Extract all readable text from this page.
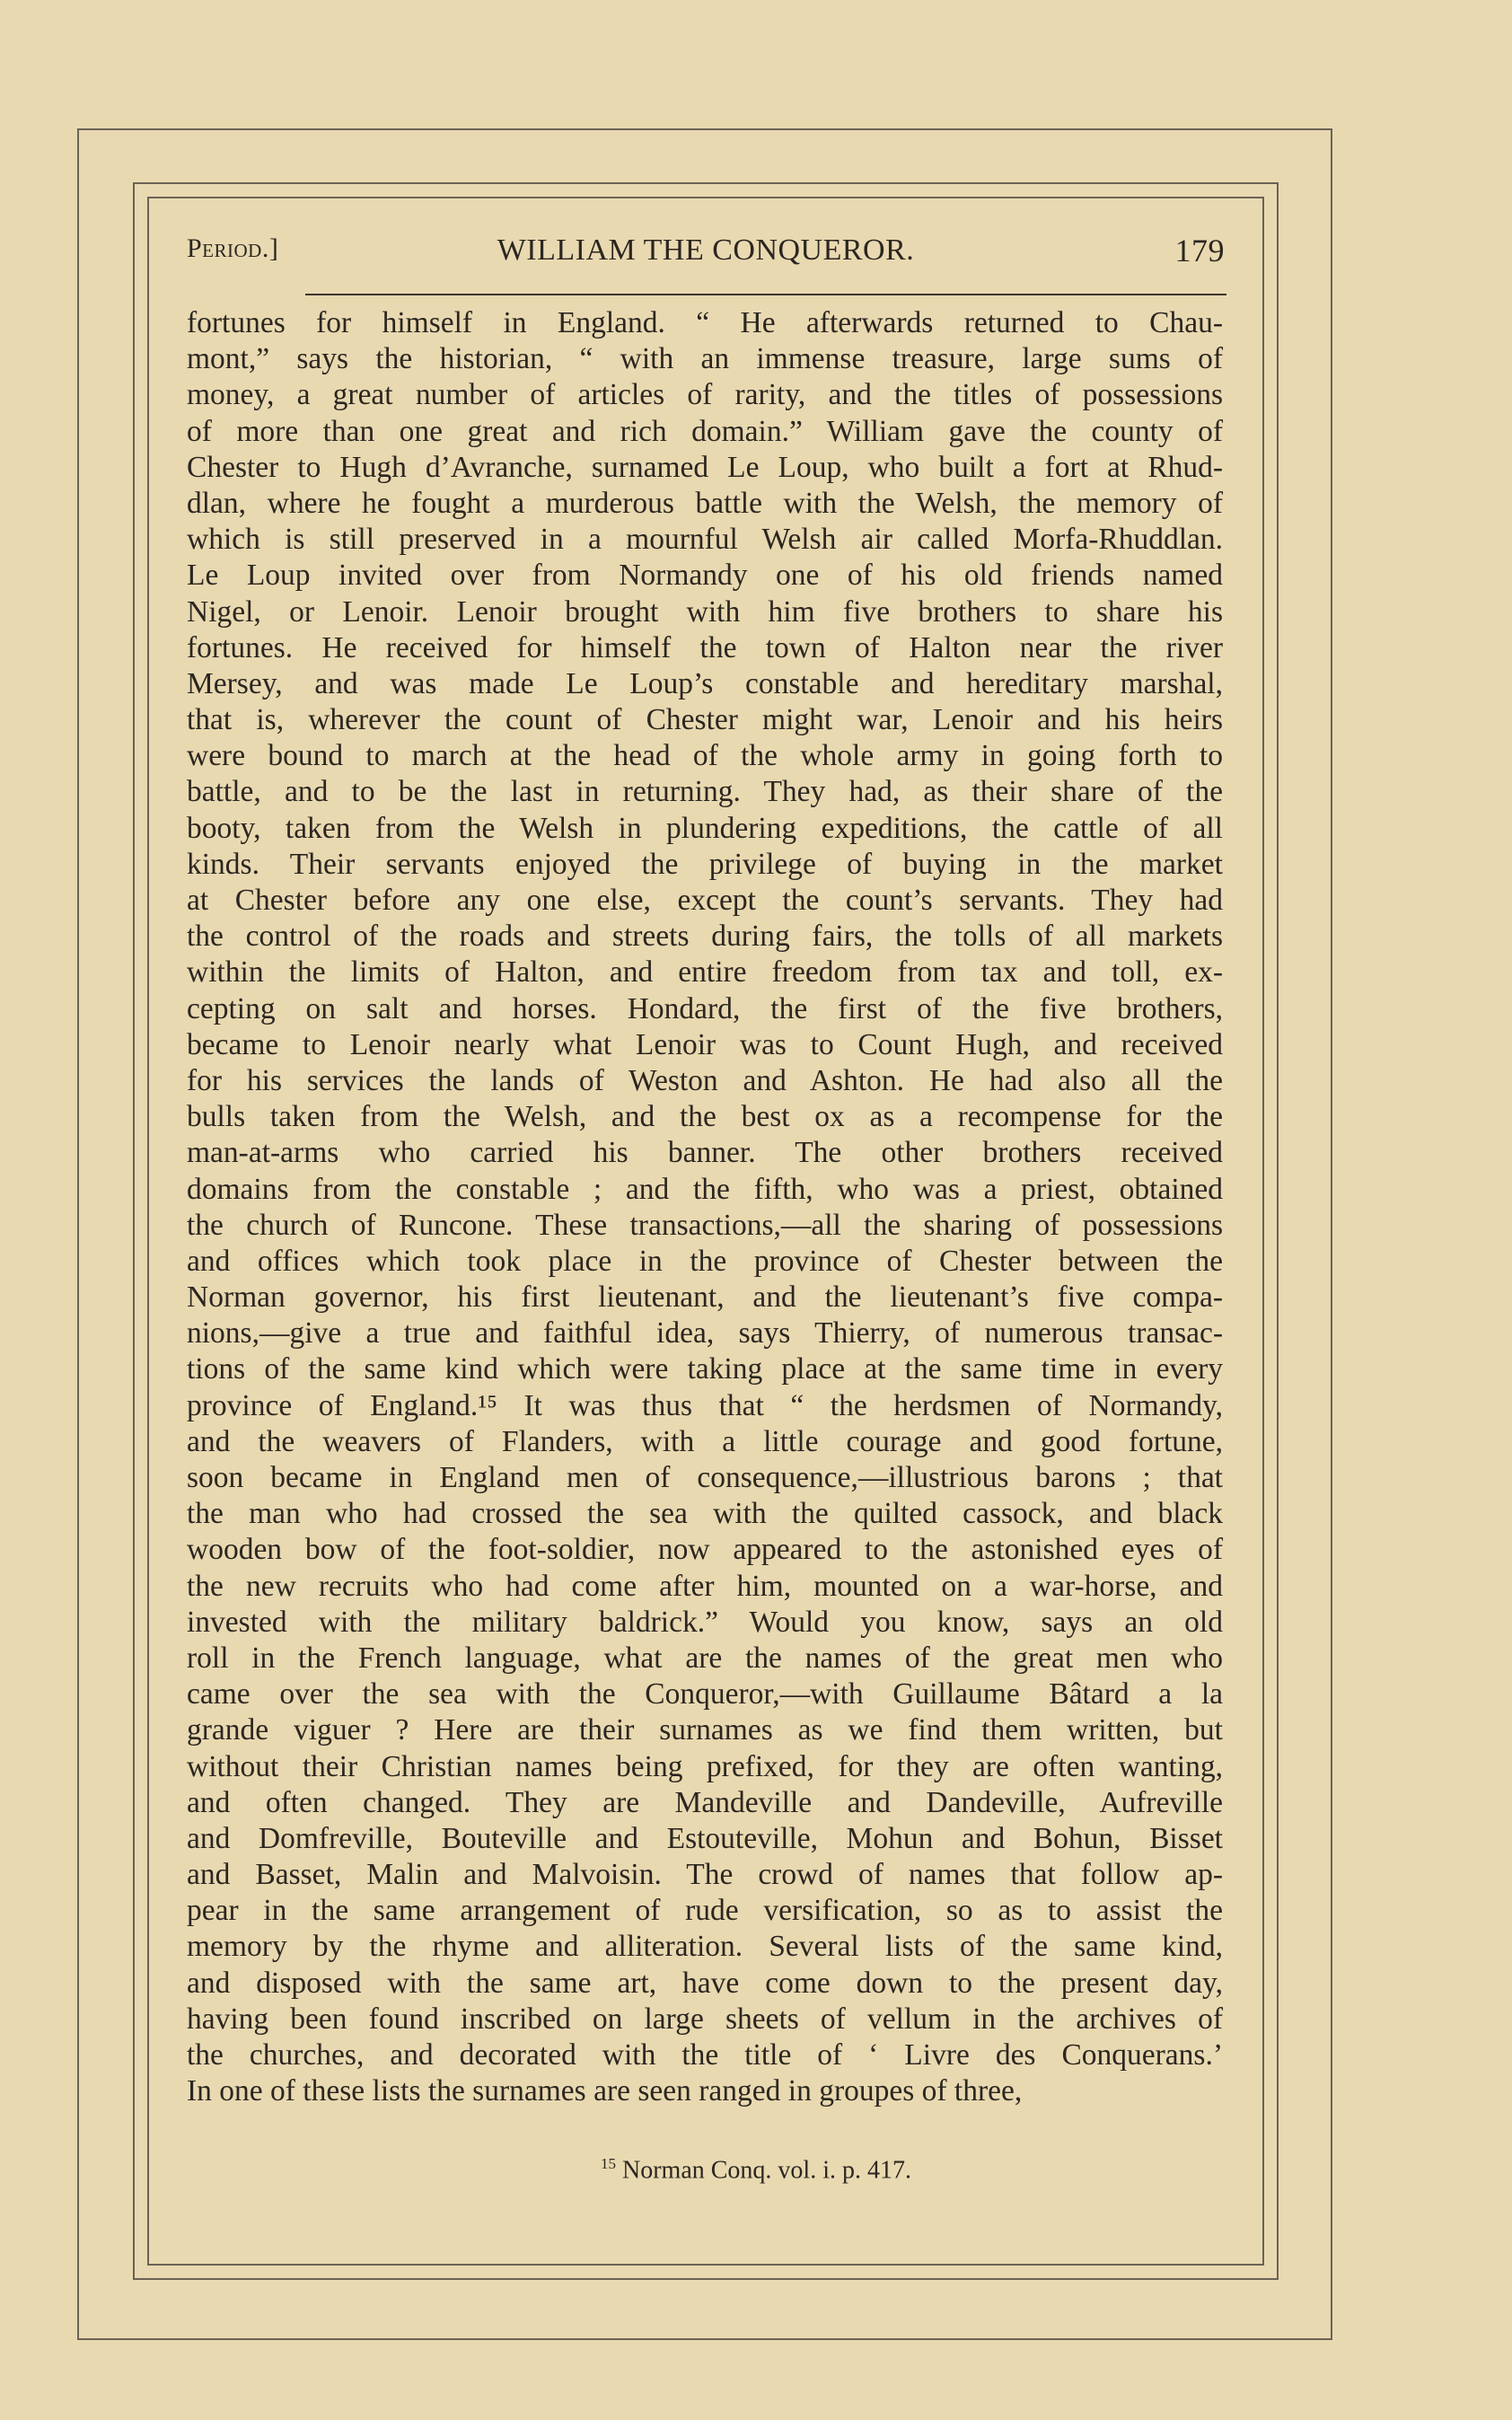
Period.]	WILLIAM THE CONQUEROR.	179
fortunes for himself in England. “ He afterwards returned to Chau-
mont,” says the historian, “ with an immense treasure, large sums of
money, a great number of articles of rarity, and the titles of possessions
of more than one great and rich domain.” William gave the county of
Chester to Hugh d’Avranche, surnamed Le Loup, who built a fort at Rhud-
dlan, where he fought a murderous battle with the Welsh, the memory of
which is still preserved in a mournful Welsh air called Morfa-Rhuddlan.
Le Loup invited over from Normandy one of his old friends named
Nigel, or Lenoir. Lenoir brought with him five brothers to share his
fortunes. He received for himself the town of Halton near the river
Mersey, and was made Le Loup’s constable and hereditary marshal,
that is, wherever the count of Chester might war, Lenoir and his heirs
were bound to march at the head of the whole army in going forth to
battle, and to be the last in returning. They had, as their share of the
booty, taken from the Welsh in plundering expeditions, the cattle of all
kinds. Their servants enjoyed the privilege of buying in the market
at Chester before any one else, except the count’s servants. They had
the control of the roads and streets during fairs, the tolls of all markets
within the limits of Halton, and entire freedom from tax and toll, ex-
cepting on salt and horses. Hondard, the first of the five brothers,
became to Lenoir nearly what Lenoir was to Count Hugh, and received
for his services the lands of Weston and Ashton. He had also all the
bulls taken from the Welsh, and the best ox as a recompense for the
man-at-arms who carried his banner. The other brothers received
domains from the constable ; and the fifth, who was a priest, obtained
the church of Runcone. These transactions,—all the sharing of possessions
and offices which took place in the province of Chester between the
Norman governor, his first lieutenant, and the lieutenant’s five compa-
nions,—give a true and faithful idea, says Thierry, of numerous transac-
tions of the same kind which were taking place at the same time in every
province of England.¹⁵ It was thus that “ the herdsmen of Normandy,
and the weavers of Flanders, with a little courage and good fortune,
soon became in England men of consequence,—illustrious barons ; that
the man who had crossed the sea with the quilted cassock, and black
wooden bow of the foot-soldier, now appeared to the astonished eyes of
the new recruits who had come after him, mounted on a war-horse, and
invested with the military baldrick.” Would you know, says an old
roll in the French language, what are the names of the great men who
came over the sea with the Conqueror,—with Guillaume Bâtard a la
grande viguer ? Here are their surnames as we find them written, but
without their Christian names being prefixed, for they are often wanting,
and often changed. They are Mandeville and Dandeville, Aufreville
and Domfreville, Bouteville and Estouteville, Mohun and Bohun, Bisset
and Basset, Malin and Malvoisin. The crowd of names that follow ap-
pear in the same arrangement of rude versification, so as to assist the
memory by the rhyme and alliteration. Several lists of the same kind,
and disposed with the same art, have come down to the present day,
having been found inscribed on large sheets of vellum in the archives of
the churches, and decorated with the title of ‘ Livre des Conquerans.’
In one of these lists the surnames are seen ranged in groupes of three,
$^{15}$ Norman Conq. vol. i. p. 417.
